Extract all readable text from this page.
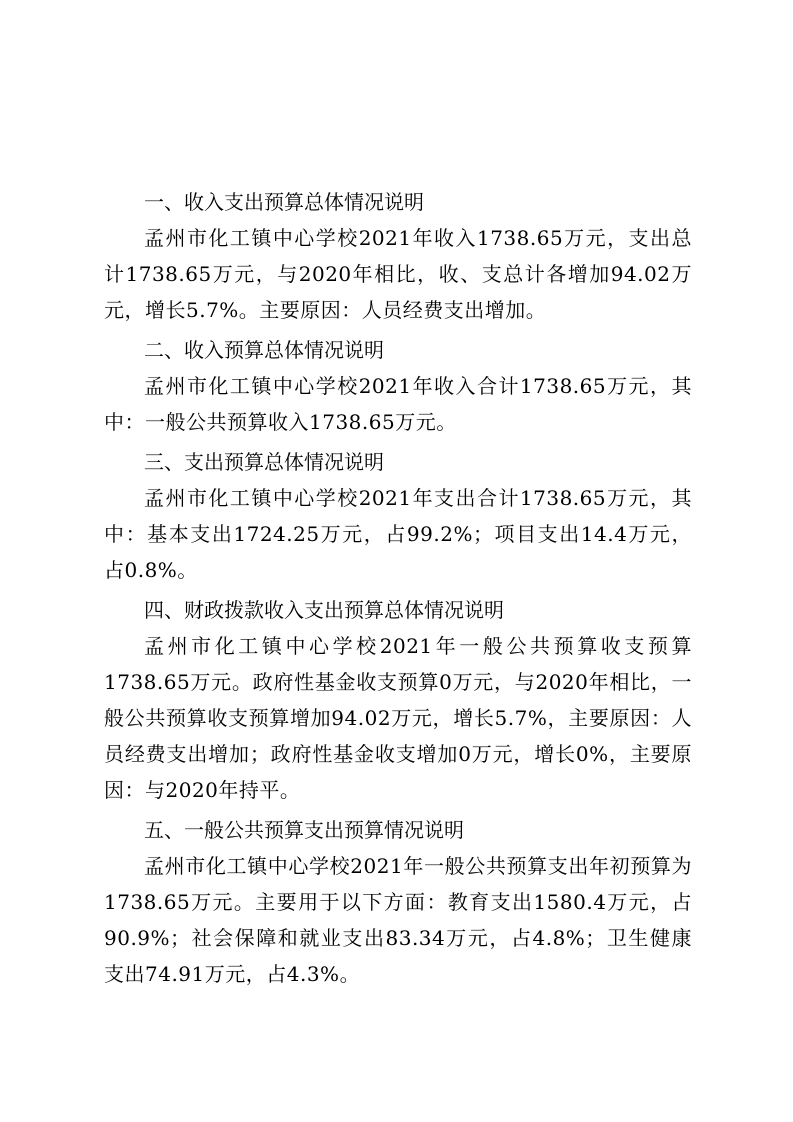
一、收入支出预算总体情况说明

孟州市化工镇中心学校2021年收入1738.65万元，支出总计1738.65万元，与2020年相比，收、支总计各增加94.02万元，增长5.7%。主要原因：人员经费支出增加。

二、收入预算总体情况说明

孟州市化工镇中心学校2021年收入合计1738.65万元，其中：一般公共预算收入1738.65万元。

三、支出预算总体情况说明

孟州市化工镇中心学校2021年支出合计1738.65万元，其中：基本支出1724.25万元，占99.2%；项目支出14.4万元，占0.8%。

四、财政拨款收入支出预算总体情况说明

孟州市化工镇中心学校2021年一般公共预算收支预算1738.65万元。政府性基金收支预算0万元，与2020年相比，一般公共预算收支预算增加94.02万元，增长5.7%，主要原因：人员经费支出增加；政府性基金收支增加0万元，增长0%，主要原因：与2020年持平。

五、一般公共预算支出预算情况说明

孟州市化工镇中心学校2021年一般公共预算支出年初预算为1738.65万元。主要用于以下方面：教育支出1580.4万元，占90.9%；社会保障和就业支出83.34万元，占4.8%；卫生健康支出74.91万元，占4.3%。
